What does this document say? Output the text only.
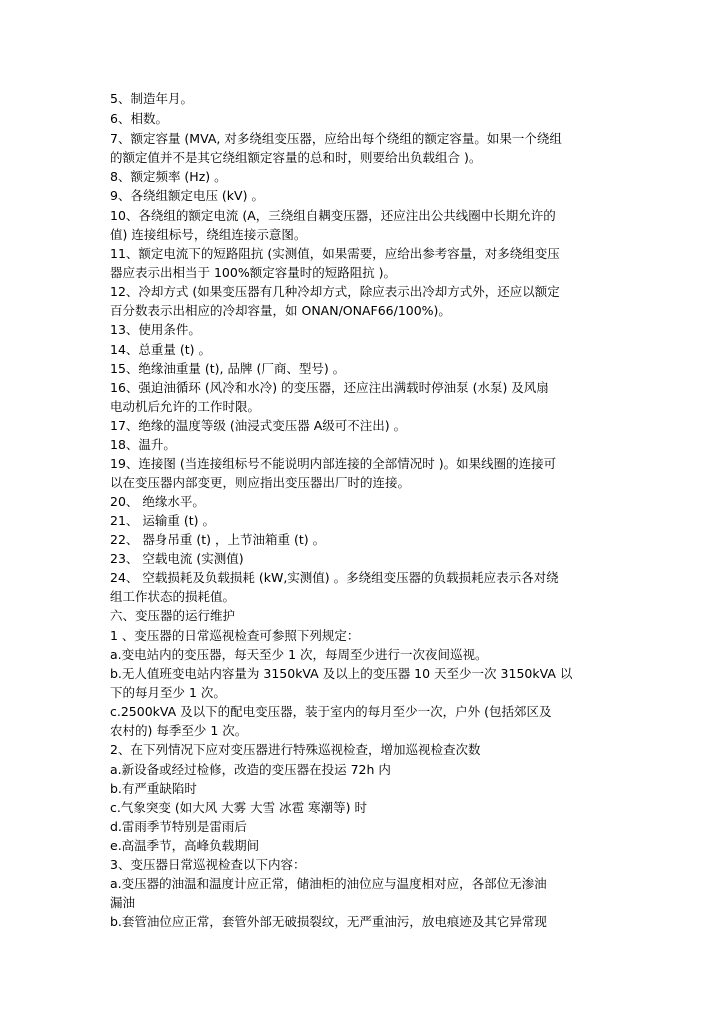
5、制造年月。
6、相数。
7、额定容量 (MVA, 对多绕组变压器，应给出每个绕组的额定容量。如果一个绕组
的额定值并不是其它绕组额定容量的总和时，则要给出负载组合 )。
8、额定频率 (Hz) 。
9、各绕组额定电压 (kV) 。
10、各绕组的额定电流 (A，三绕组自耦变压器，还应注出公共线圈中长期允许的
值) 连接组标号，绕组连接示意图。
11、额定电流下的短路阻抗 (实测值，如果需要，应给出参考容量，对多绕组变压
器应表示出相当于 100%额定容量时的短路阻抗 )。
12、冷却方式 (如果变压器有几种冷却方式，除应表示出冷却方式外，还应以额定
百分数表示出相应的冷却容量，如 ONAN/ONAF66/100%)。
13、使用条件。
14、总重量 (t) 。
15、绝缘油重量 (t), 品牌 (厂商、型号) 。
16、强迫油循环 (风冷和水冷) 的变压器，还应注出满载时停油泵 (水泵) 及风扇
电动机后允许的工作时限。
17、绝缘的温度等级 (油浸式变压器 A级可不注出) 。
18、温升。
19、连接图 (当连接组标号不能说明内部连接的全部情况时 )。如果线圈的连接可
以在变压器内部变更，则应指出变压器出厂时的连接。
20、 绝缘水平。
21、 运输重 (t) 。
22、 器身吊重 (t) ，上节油箱重 (t) 。
23、 空载电流 (实测值)
24、 空载损耗及负载损耗 (kW,实测值) 。多绕组变压器的负载损耗应表示各对绕
组工作状态的损耗值。
六、变压器的运行维护
1 、变压器的日常巡视检查可参照下列规定：
a.变电站内的变压器，每天至少 1 次，每周至少进行一次夜间巡视。
b.无人值班变电站内容量为 3150kVA 及以上的变压器 10 天至少一次 3150kVA 以
下的每月至少 1 次。
c.2500kVA 及以下的配电变压器，装于室内的每月至少一次，户外 (包括郊区及
农村的) 每季至少 1 次。
2、在下列情况下应对变压器进行特殊巡视检查，增加巡视检查次数
a.新设备或经过检修，改造的变压器在投运 72h 内
b.有严重缺陷时
c.气象突变 (如大风 大雾 大雪 冰雹 寒潮等) 时
d.雷雨季节特别是雷雨后
e.高温季节，高峰负载期间
3、变压器日常巡视检查以下内容：
a.变压器的油温和温度计应正常，储油柜的油位应与温度相对应，各部位无渗油
漏油
b.套管油位应正常，套管外部无破损裂纹，无严重油污，放电痕迹及其它异常现
